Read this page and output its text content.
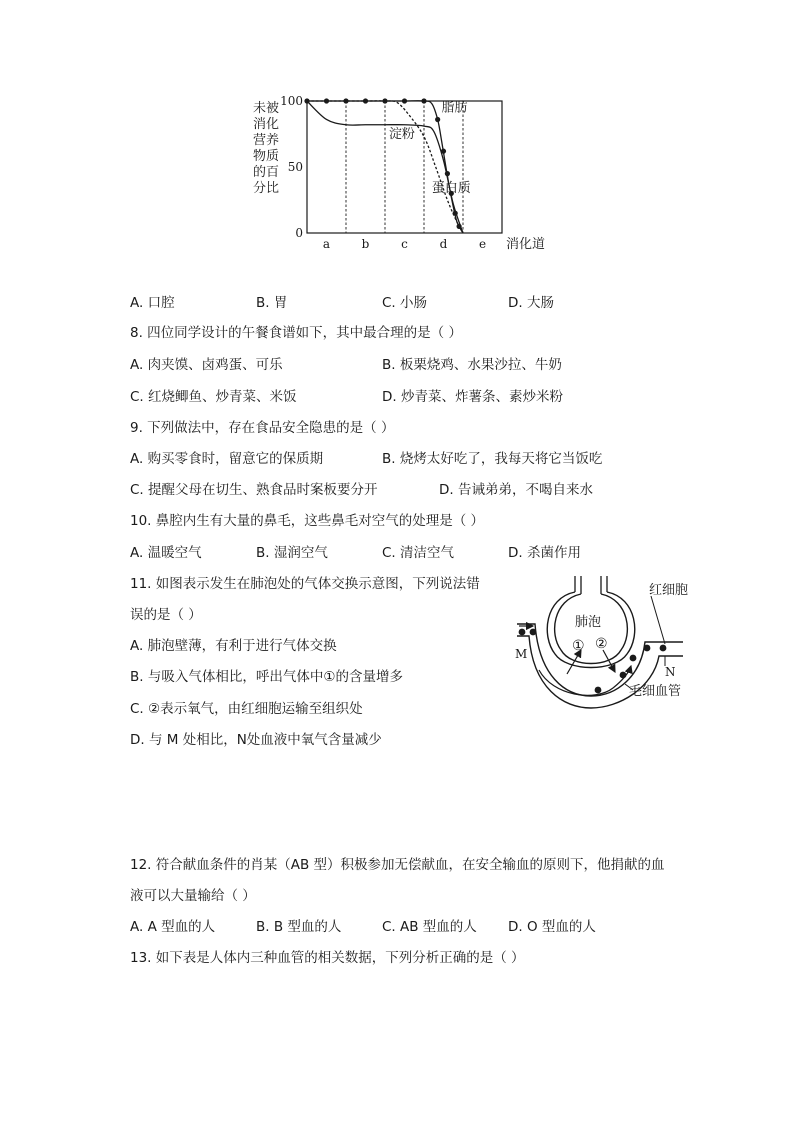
100
50
0
a	b	c	d	e 消化道
未被
消化
营养
物质
的百
分比
淀粉
蛋白质
脂肪
A. 口腔	B. 胃	C. 小肠	D. 大肠
8. 四位同学设计的午餐食谱如下，其中最合理的是（ ）
A. 肉夹馍、卤鸡蛋、可乐	B. 板栗烧鸡、水果沙拉、牛奶
C. 红烧鲫鱼、炒青菜、米饭	D. 炒青菜、炸薯条、素炒米粉
9. 下列做法中，存在食品安全隐患的是（ ）
A. 购买零食时，留意它的保质期	B. 烧烤太好吃了，我每天将它当饭吃
C. 提醒父母在切生、熟食品时案板要分开	D. 告诫弟弟，不喝自来水
10. 鼻腔内生有大量的鼻毛，这些鼻毛对空气的处理是（ ）
A. 温暖空气	B. 湿润空气	C. 清洁空气	D. 杀菌作用
11. 如图表示发生在肺泡处的气体交换示意图，下列说法错
误的是（ ）
A. 肺泡壁薄，有利于进行气体交换
B. 与吸入气体相比，呼出气体中①的含量增多
C. ②表示氧气，由红细胞运输至组织处
D. 与 M 处相比，N处血液中氧气含量减少
肺泡
红细胞
毛细血管
M
N
① ②
12. 符合献血条件的肖某（AB 型）积极参加无偿献血，在安全输血的原则下，他捐献的血
液可以大量输给（ ）
A. A 型血的人	B. B 型血的人	C. AB 型血的人 D. O 型血的人
13. 如下表是人体内三种血管的相关数据，下列分析正确的是（ ）
